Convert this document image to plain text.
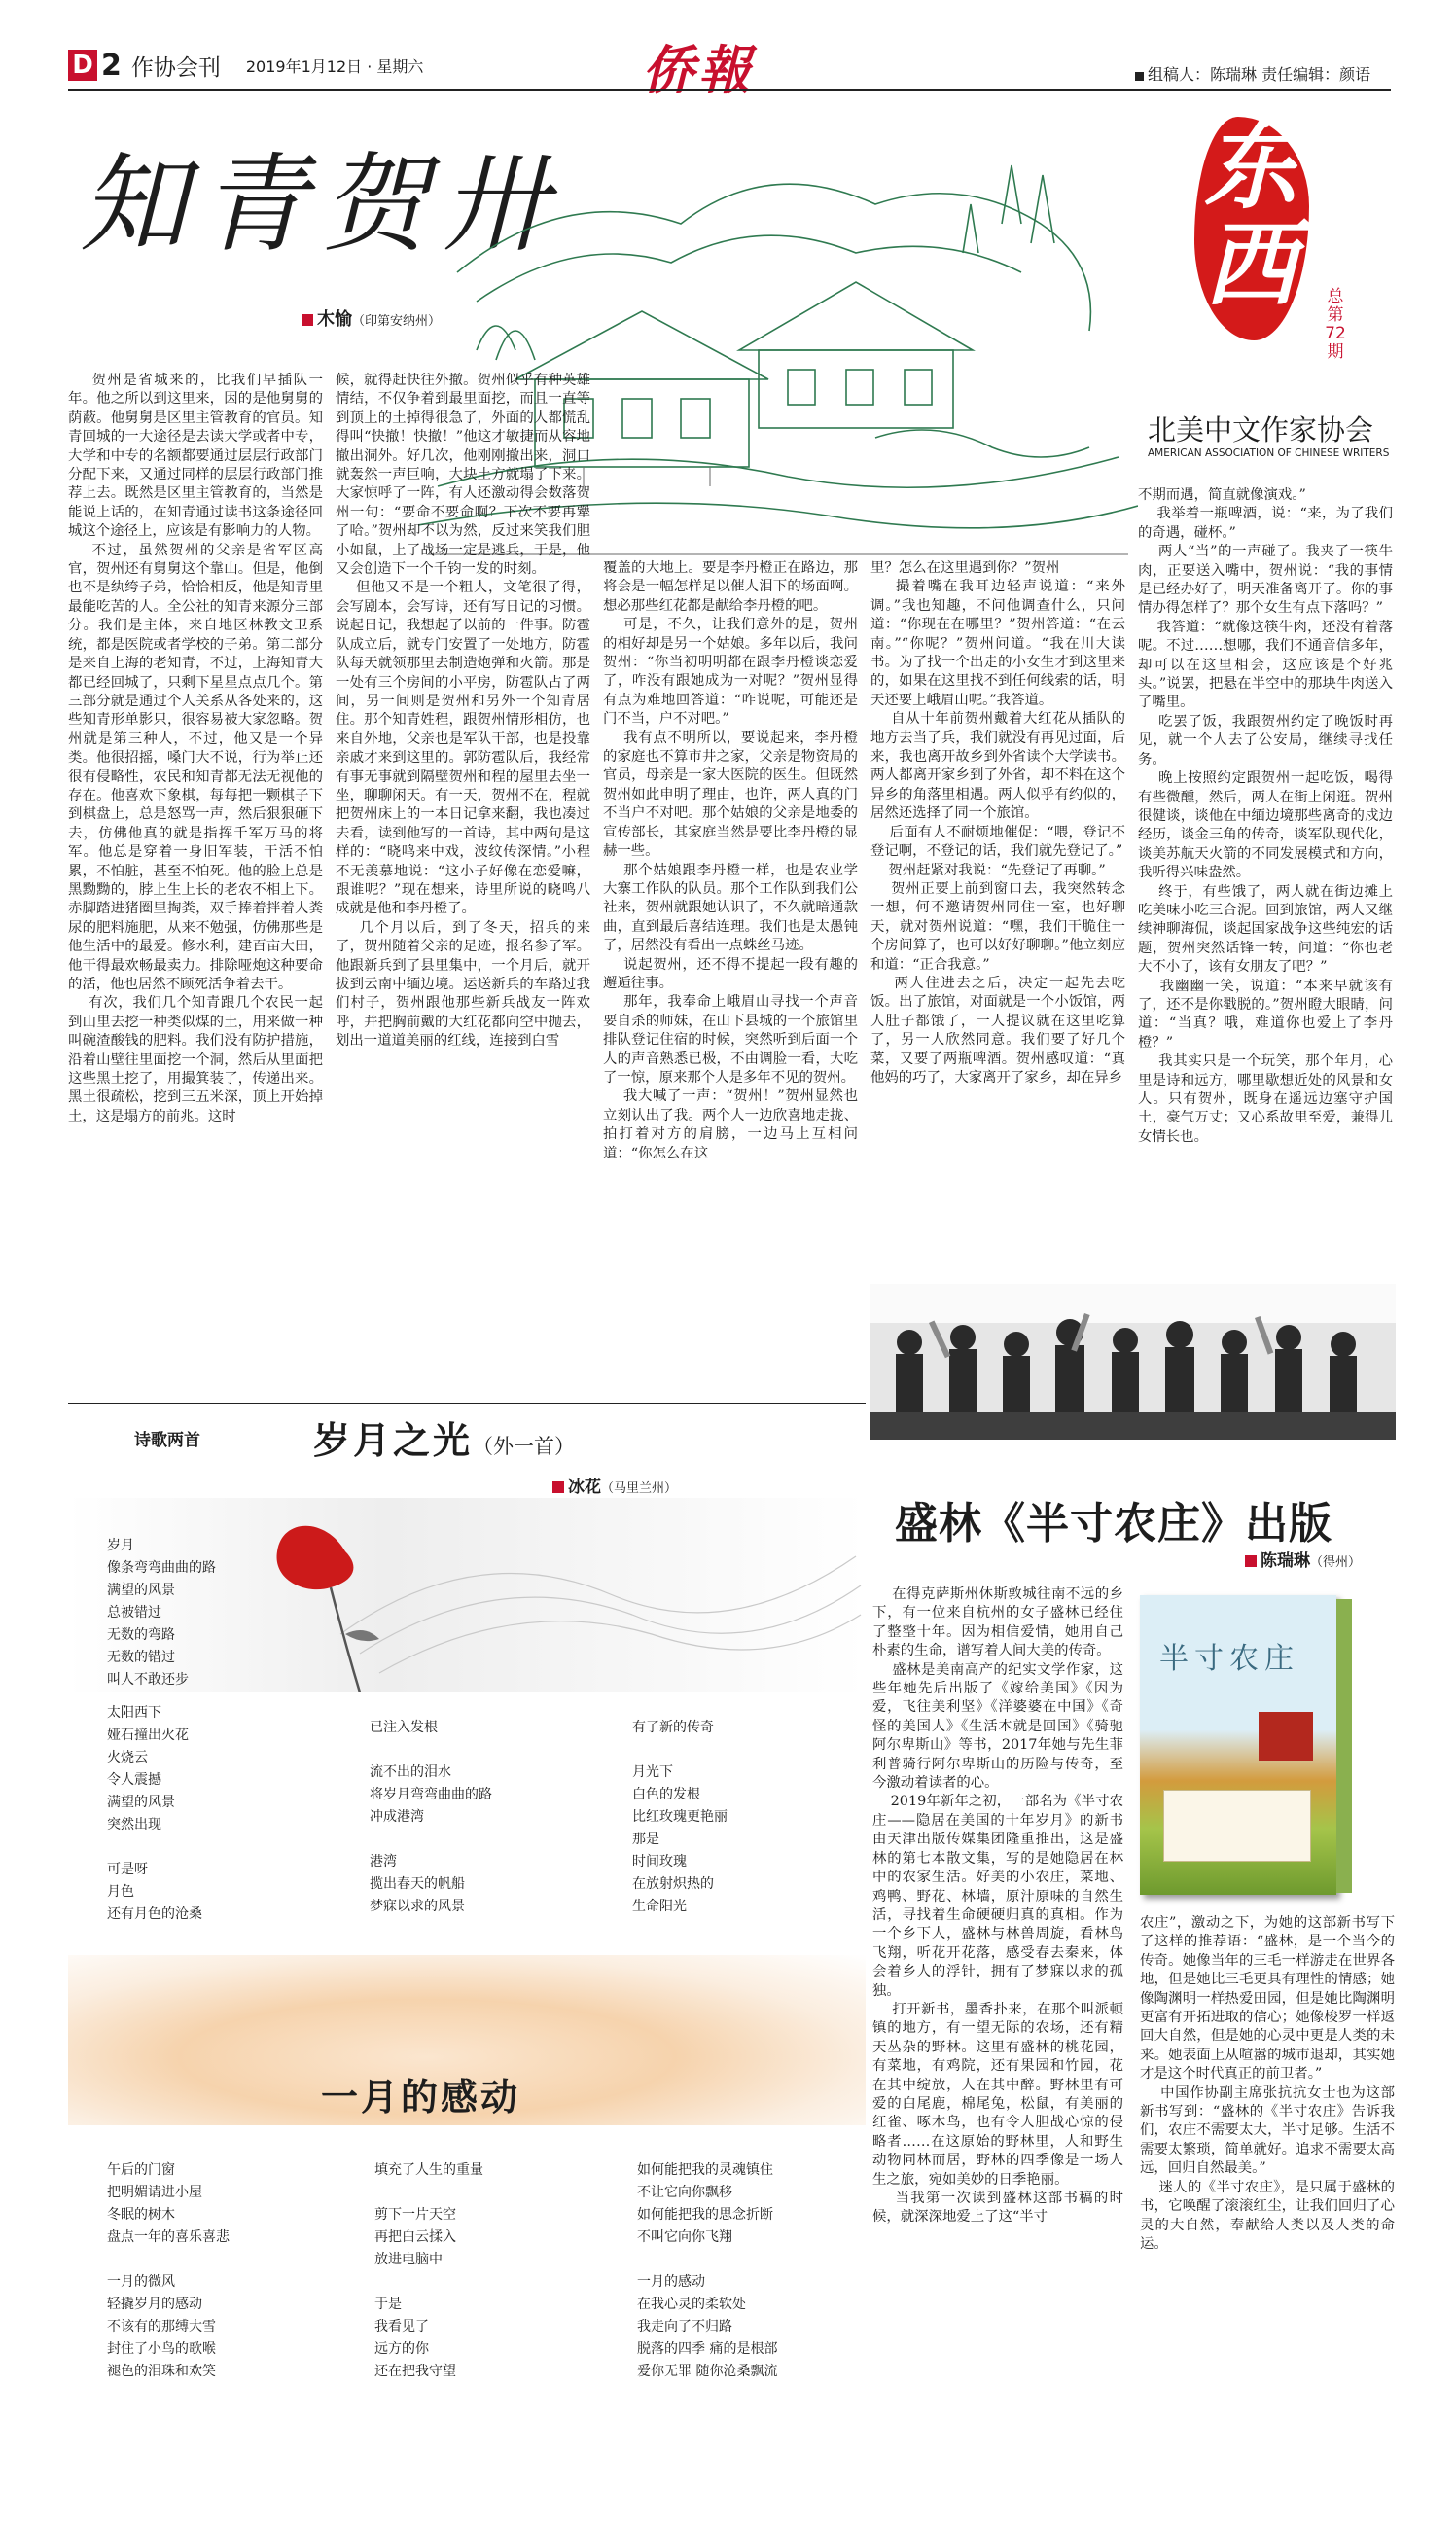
D 2 作协会刊 2019年1月12日 · 星期六	侨報	组稿人：陈瑞琳 责任编辑：颜语
知青贺卅
木愉（印第安纳州）
东
西 总第
72
期
北美中文作家协会
AMERICAN ASSOCIATION OF CHINESE WRITERS
贺州是省城来的，比我们早插队一年。他之所以到这里来，因的是他舅舅的荫蔽。他舅舅是区里主管教育的官员。知青回城的一大途径是去读大学或者中专，大学和中专的名额都要通过层层行政部门分配下来，又通过同样的层层行政部门推荐上去。既然是区里主管教育的，当然是能说上话的，在知青通过读书这条途径回城这个途径上，应该是有影响力的人物。
不过，虽然贺州的父亲是省军区高官，贺州还有舅舅这个靠山。但是，他倒也不是纨绔子弟，恰恰相反，他是知青里最能吃苦的人。全公社的知青来源分三部分。我们是主体，来自地区林教文卫系统，都是医院或者学校的子弟。第二部分是来自上海的老知青，不过，上海知青大都已经回城了，只剩下星星点点几个。第三部分就是通过个人关系从各处来的，这些知青形单影只，很容易被大家忽略。贺州就是第三种人，不过，他又是一个异类。他很招摇，嗓门大不说，行为举止还很有侵略性，农民和知青都无法无视他的存在。他喜欢下象棋，每每把一颗棋子下到棋盘上，总是怒骂一声，然后狠狠砸下去，仿佛他真的就是指挥千军万马的将军。他总是穿着一身旧军装，干活不怕累，不怕脏，甚至不怕死。他的脸上总是黑黝黝的，脖上生上长的老农不相上下。赤脚踏进猪圈里掏粪，双手捧着拌着人粪尿的肥料施肥，从来不勉强，仿佛那些是他生活中的最爱。修水利，建百亩大田，他干得最欢畅最卖力。排除哑炮这种要命的活，他也居然不顾死活争着去干。
有次，我们几个知青跟几个农民一起到山里去挖一种类似煤的土，用来做一种叫碗渣酸钱的肥料。我们没有防护措施，沿着山壁往里面挖一个洞，然后从里面把这些黑土挖了，用撮箕装了，传递出来。黑土很疏松，挖到三五米深，顶上开始掉土，这是塌方的前兆。这时
候，就得赶快往外撤。贺州似乎有种英雄情结，不仅争着到最里面挖，而且一直等到顶上的土掉得很急了，外面的人都慌乱得叫“快撤！快撤！”他这才敏捷而从容地撤出洞外。好几次，他刚刚撤出来，洞口就轰然一声巨响，大块土方就塌了下来。大家惊呼了一阵，有人还激动得会数落贺州一句：“要命不要命啊？下次不要再犟了哈。”贺州却不以为然，反过来笑我们胆小如鼠，上了战场一定是逃兵，于是，他又会创造下一个千钧一发的时刻。
但他又不是一个粗人，文笔很了得，会写剧本，会写诗，还有写日记的习惯。说起日记，我想起了以前的一件事。防雹队成立后，就专门安置了一处地方，防雹队每天就领那里去制造炮弹和火箭。那是一处有三个房间的小平房，防雹队占了两间，另一间则是贺州和另外一个知青居住。那个知青姓程，跟贺州情形相仿，也来自外地，父亲也是军队干部，也是投靠亲戚才来到这里的。郭防雹队后，我经常有事无事就到隔壁贺州和程的屋里去坐一坐，聊聊闲天。有一天，贺州不在，程就把贺州床上的一本日记拿来翻，我也凑过去看，读到他写的一首诗，其中两句是这样的：“晓鸣来中戏，波纹传深情。”小程不无羡慕地说：“这小子好像在恋爱嘛，跟谁呢？”现在想来，诗里所说的晓鸣八成就是他和李丹橙了。
几个月以后，到了冬天，招兵的来了，贺州随着父亲的足迹，报名参了军。他跟新兵到了县里集中，一个月后，就开拔到云南中缅边境。运送新兵的车路过我们村子，贺州跟他那些新兵战友一阵欢呼，并把胸前戴的大红花都向空中抛去，划出一道道美丽的红线，连接到白雪
覆盖的大地上。要是李丹橙正在路边，那将会是一幅怎样足以催人泪下的场面啊。想必那些红花都是献给李丹橙的吧。
可是，不久，让我们意外的是，贺州的相好却是另一个姑娘。多年以后，我问贺州：“你当初明明都在跟李丹橙谈恋爱了，咋没有跟她成为一对呢？”贺州显得有点为难地回答道：“咋说呢，可能还是门不当，户不对吧。”
我有点不明所以，要说起来，李丹橙的家庭也不算市井之家，父亲是物资局的官员，母亲是一家大医院的医生。但既然贺州如此申明了理由，也许，两人真的门不当户不对吧。那个姑娘的父亲是地委的宣传部长，其家庭当然是要比李丹橙的显赫一些。
那个姑娘跟李丹橙一样，也是农业学大寨工作队的队员。那个工作队到我们公社来，贺州就跟她认识了，不久就暗通款曲，直到最后喜结连理。我们也是太愚钝了，居然没有看出一点蛛丝马迹。
说起贺州，还不得不提起一段有趣的邂逅往事。
那年，我奉命上峨眉山寻找一个声音要自杀的师妹，在山下县城的一个旅馆里排队登记住宿的时候，突然听到后面一个人的声音熟悉已极，不由调脸一看，大吃了一惊，原来那个人是多年不见的贺州。
我大喊了一声：“贺州！”贺州显然也立刻认出了我。两个人一边欣喜地走拢、拍打着对方的肩膀，一边马上互相问道：“你怎么在这
里？怎么在这里遇到你？”贺州
撮着嘴在我耳边轻声说道：“来外调。”我也知趣，不问他调查什么，只问道：“你现在在哪里？”贺州答道：“在云南。”“你呢？”贺州问道。“我在川大读书。为了找一个出走的小女生才到这里来的，如果在这里找不到任何线索的话，明天还要上峨眉山呢。”我答道。
自从十年前贺州戴着大红花从插队的地方去当了兵，我们就没有再见过面，后来，我也离开故乡到外省读个大学读书。两人都离开家乡到了外省，却不料在这个异乡的角落里相遇。两人似乎有约似的，居然还选择了同一个旅馆。
后面有人不耐烦地催促：“喂，登记不登记啊，不登记的话，我们就先登记了。”
贺州赶紧对我说：“先登记了再聊。”
贺州正要上前到窗口去，我突然转念一想，何不邀请贺州同住一室，也好聊天，就对贺州说道：“嘿，我们干脆住一个房间算了，也可以好好聊聊。”他立刻应和道：“正合我意。”
两人住进去之后，决定一起先去吃饭。出了旅馆，对面就是一个小饭馆，两人肚子都饿了，一人提议就在这里吃算了，另一人欣然同意。我们要了好几个菜，又要了两瓶啤酒。贺州感叹道：“真他妈的巧了，大家离开了家乡，却在异乡
不期而遇，简直就像演戏。”
我举着一瓶啤酒，说：“来，为了我们的奇遇，碰杯。”
两人“当”的一声碰了。我夹了一筷牛肉，正要送入嘴中，贺州说：“我的事情是已经办好了，明天准备离开了。你的事情办得怎样了？那个女生有点下落吗？”
我答道：“就像这筷牛肉，还没有着落呢。不过……想哪，我们不通音信多年，却可以在这里相会，这应该是个好兆头。”说罢，把悬在半空中的那块牛肉送入了嘴里。
吃罢了饭，我跟贺州约定了晚饭时再见，就一个人去了公安局，继续寻找任务。
晚上按照约定跟贺州一起吃饭，喝得有些微醺，然后，两人在街上闲逛。贺州很健谈，谈他在中缅边境那些离奇的戍边经历，谈金三角的传奇，谈军队现代化，谈美苏航天火箭的不同发展模式和方向，我听得兴味盎然。
终于，有些饿了，两人就在街边摊上吃美味小吃三合泥。回到旅馆，两人又继续神聊海侃，谈起国家战争这些纯宏的话题，贺州突然话锋一转，问道：“你也老大不小了，该有女朋友了吧？”
我幽幽一笑，说道：“本来早就该有了，还不是你戳脱的。”贺州瞪大眼睛，问道：“当真？哦，难道你也爱上了李丹橙？”
我其实只是一个玩笑，那个年月，心里是诗和远方，哪里歇想近处的风景和女人。只有贺州，既身在遥远边塞守护国土，豪气万丈；又心系故里至爱，兼得儿女情长也。
诗歌两首	岁月之光（外一首）
冰花（马里兰州）
岁月
像条弯弯曲曲的路
满望的风景
总被错过
无数的弯路
无数的错过
叫人不敢还步
太阳西下
娅石撞出火花
火烧云
令人震撼
满望的风景
突然出现

可是呀
月色
还有月色的沧桑
已注入发根

流不出的泪水
将岁月弯弯曲曲的路
冲成港湾

港湾
揽出春天的帆船
梦寐以求的风景
有了新的传奇

月光下
白色的发根
比红玫瑰更艳丽
那是
时间玫瑰
在放射炽热的
生命阳光
一月的感动
午后的门窗
把明媚请进小屋
冬眠的树木
盘点一年的喜乐喜悲

一月的微风
轻撬岁月的感动
不该有的那缚大雪
封住了小鸟的歌喉
褪色的泪珠和欢笑
填充了人生的重量

剪下一片天空
再把白云揉入
放进电脑中

于是
我看见了
远方的你
还在把我守望
如何能把我的灵魂镇住
不让它向你飘移
如何能把我的思念折断
不叫它向你飞翔

一月的感动
在我心灵的柔软处
我走向了不归路
脱落的四季 痛的是根部
爱你无罪 随你沧桑飘流
盛林《半寸农庄》出版
陈瑞琳（得州）
在得克萨斯州休斯敦城往南不远的乡下，有一位来自杭州的女子盛林已经住了整整十年。因为相信爱情，她用自己朴素的生命，谱写着人间大美的传奇。
盛林是美南高产的纪实文学作家，这些年她先后出版了《嫁给美国》《因为爱，飞往美利坚》《洋婆婆在中国》《奇怪的美国人》《生活本就是回国》《骑驰阿尔卑斯山》等书，2017年她与先生菲利普骑行阿尔卑斯山的历险与传奇，至今激动着读者的心。
2019年新年之初，一部名为《半寸农庄——隐居在美国的十年岁月》的新书由天津出版传媒集团隆重推出，这是盛林的第七本散文集，写的是她隐居在林中的农家生活。好美的小农庄，菜地、鸡鸭、野花、林墙，原汁原味的自然生活，寻找着生命硬硬归真的真相。作为一个乡下人，盛林与林兽周旋，看林鸟飞翔，听花开花落，感受春去秦来，体会着乡人的浮针，拥有了梦寐以求的孤独。
打开新书，墨香扑来，在那个叫派顿镇的地方，有一望无际的农场，还有精天丛杂的野林。这里有盛林的桃花园，有菜地，有鸡院，还有果园和竹园，花在其中绽放，人在其中醉。野林里有可爱的白尾鹿，棉尾兔，松鼠，有美丽的红雀、啄木鸟，也有令人胆战心惊的侵略者……在这原始的野林里，人和野生动物同林而居，野林的四季像是一场人生之旅，宛如美妙的日季艳丽。
当我第一次读到盛林这部书稿的时候，就深深地爱上了这“半寸
半寸农庄
农庄”，激动之下，为她的这部新书写下了这样的推荐语：“盛林，是一个当今的传奇。她像当年的三毛一样游走在世界各地，但是她比三毛更具有理性的情感；她像陶渊明一样热爱田园，但是她比陶渊明更富有开拓进取的信心；她像梭罗一样返回大自然，但是她的心灵中更是人类的未来。她表面上从喧嚣的城市退却，其实她才是这个时代真正的前卫者。”
中国作协副主席张抗抗女士也为这部新书写到：“盛林的《半寸农庄》告诉我们，农庄不需要太大，半寸足够。生活不需要太繁琐，简单就好。追求不需要太高远，回归自然最美。”
迷人的《半寸农庄》，是只属于盛林的书，它唤醒了滚滚红尘，让我们回归了心灵的大自然，奉献给人类以及人类的命运。
